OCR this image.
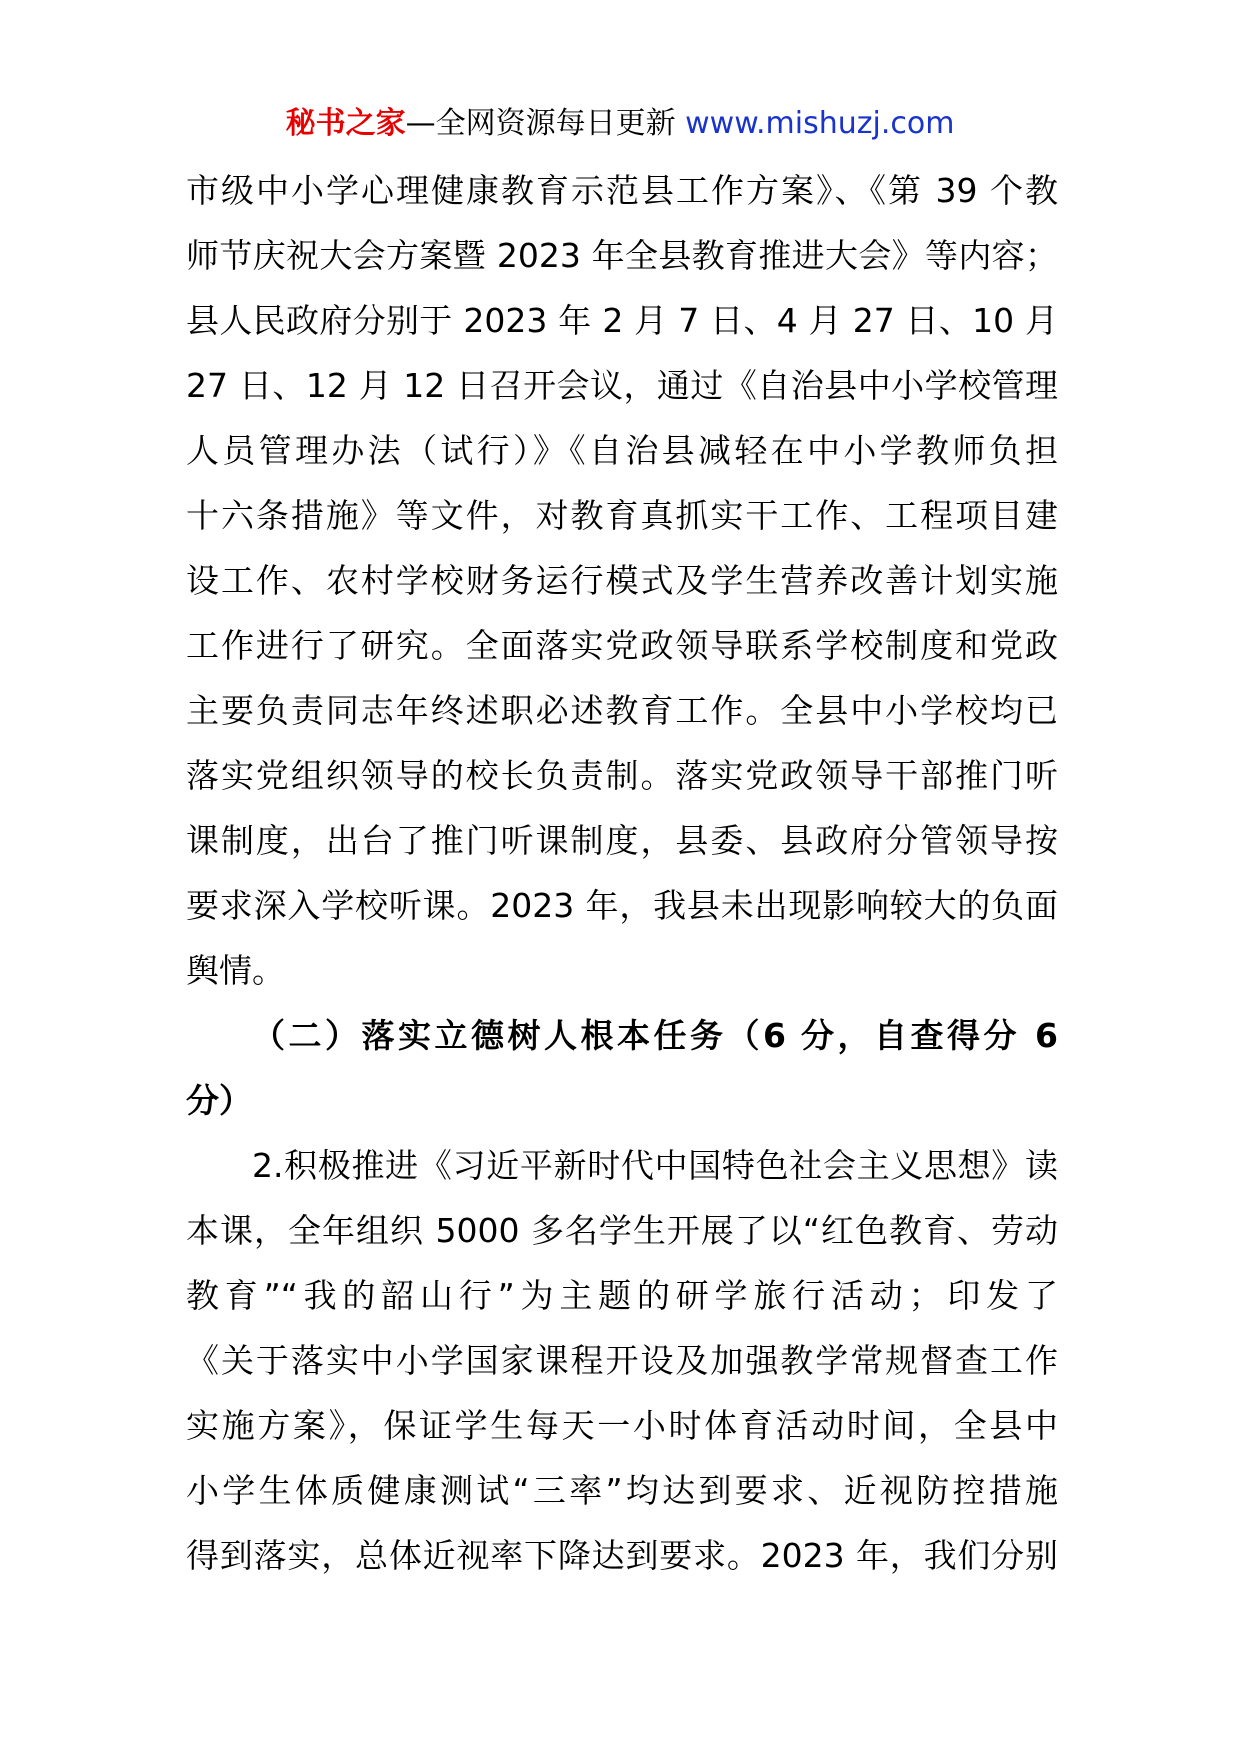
秘书之家—全网资源每日更新 www.mishuzj.com
市级中小学心理健康教育示范县工作方案》、《第 39 个教
师节庆祝大会方案暨 2023 年全县教育推进大会》等内容；
县人民政府分别于 2023 年 2 月 7 日、4 月 27 日、10 月
27 日、12 月 12 日召开会议，通过《自治县中小学校管理
人员管理办法（试行）》《自治县减轻在中小学教师负担
十六条措施》等文件，对教育真抓实干工作、工程项目建
设工作、农村学校财务运行模式及学生营养改善计划实施
工作进行了研究。全面落实党政领导联系学校制度和党政
主要负责同志年终述职必述教育工作。全县中小学校均已
落实党组织领导的校长负责制。落实党政领导干部推门听
课制度，出台了推门听课制度，县委、县政府分管领导按
要求深入学校听课。2023 年，我县未出现影响较大的负面
舆情。
（二）落实立德树人根本任务（6 分，自查得分 6
分）
2.积极推进《习近平新时代中国特色社会主义思想》读
本课，全年组织 5000 多名学生开展了以“红色教育、劳动
教育”“我的韶山行”为主题的研学旅行活动；印发了
《关于落实中小学国家课程开设及加强教学常规督查工作
实施方案》，保证学生每天一小时体育活动时间，全县中
小学生体质健康测试“三率”均达到要求、近视防控措施
得到落实，总体近视率下降达到要求。2023 年，我们分别
